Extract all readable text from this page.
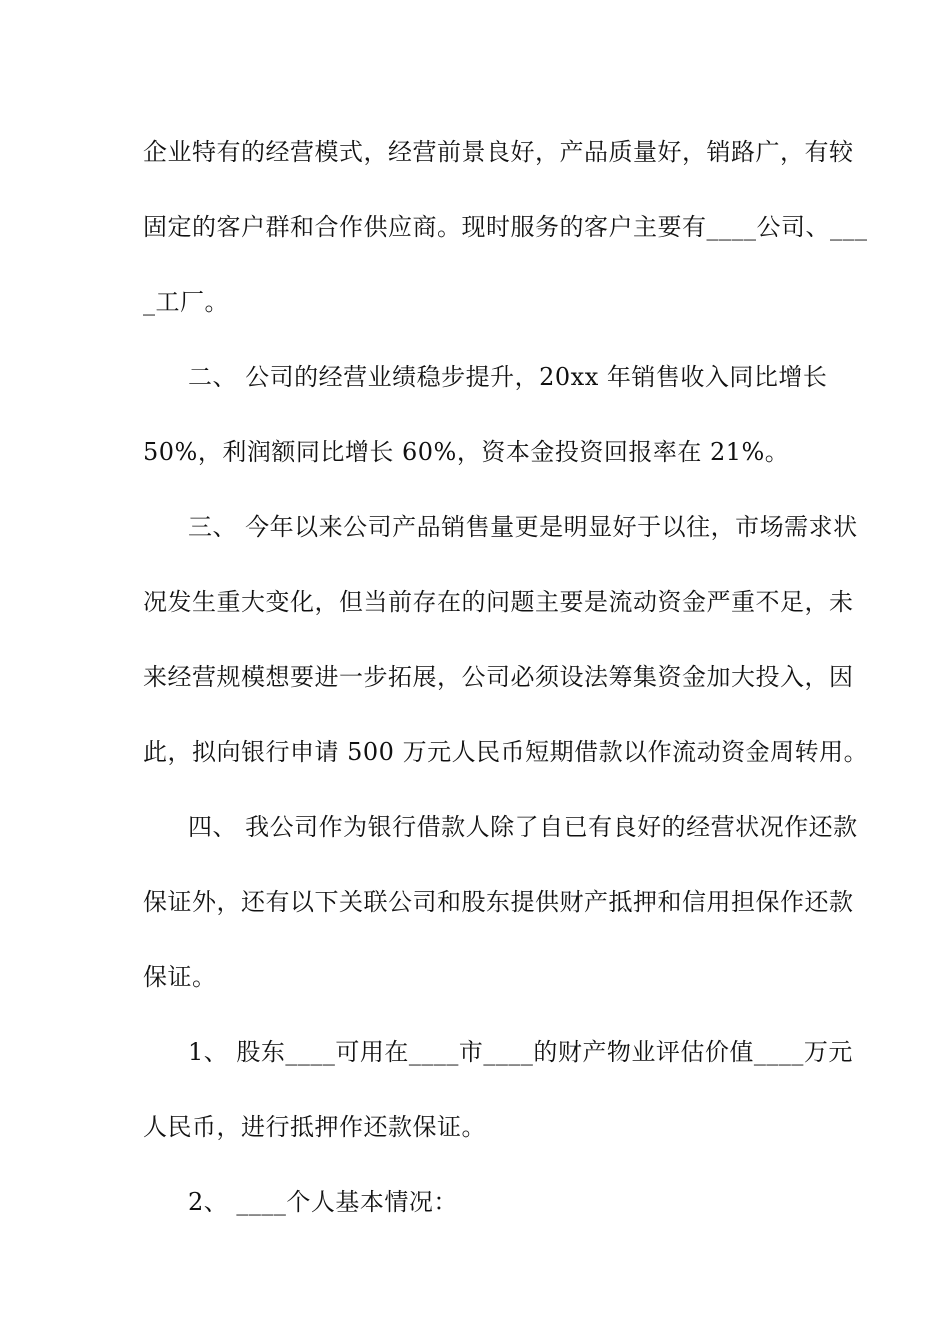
企业特有的经营模式，经营前景良好，产品质量好，销路广，有较
固定的客户群和合作供应商。现时服务的客户主要有____公司、___
_工厂。
二、 公司的经营业绩稳步提升，20xx 年销售收入同比增长
50%，利润额同比增长 60%，资本金投资回报率在 21%。
三、 今年以来公司产品销售量更是明显好于以往，市场需求状
况发生重大变化，但当前存在的问题主要是流动资金严重不足，未
来经营规模想要进一步拓展，公司必须设法筹集资金加大投入，因
此，拟向银行申请 500 万元人民币短期借款以作流动资金周转用。
四、 我公司作为银行借款人除了自已有良好的经营状况作还款
保证外，还有以下关联公司和股东提供财产抵押和信用担保作还款
保证。
1、 股东____可用在____市____的财产物业评估价值____万元
人民币，进行抵押作还款保证。
2、 ____个人基本情况：
